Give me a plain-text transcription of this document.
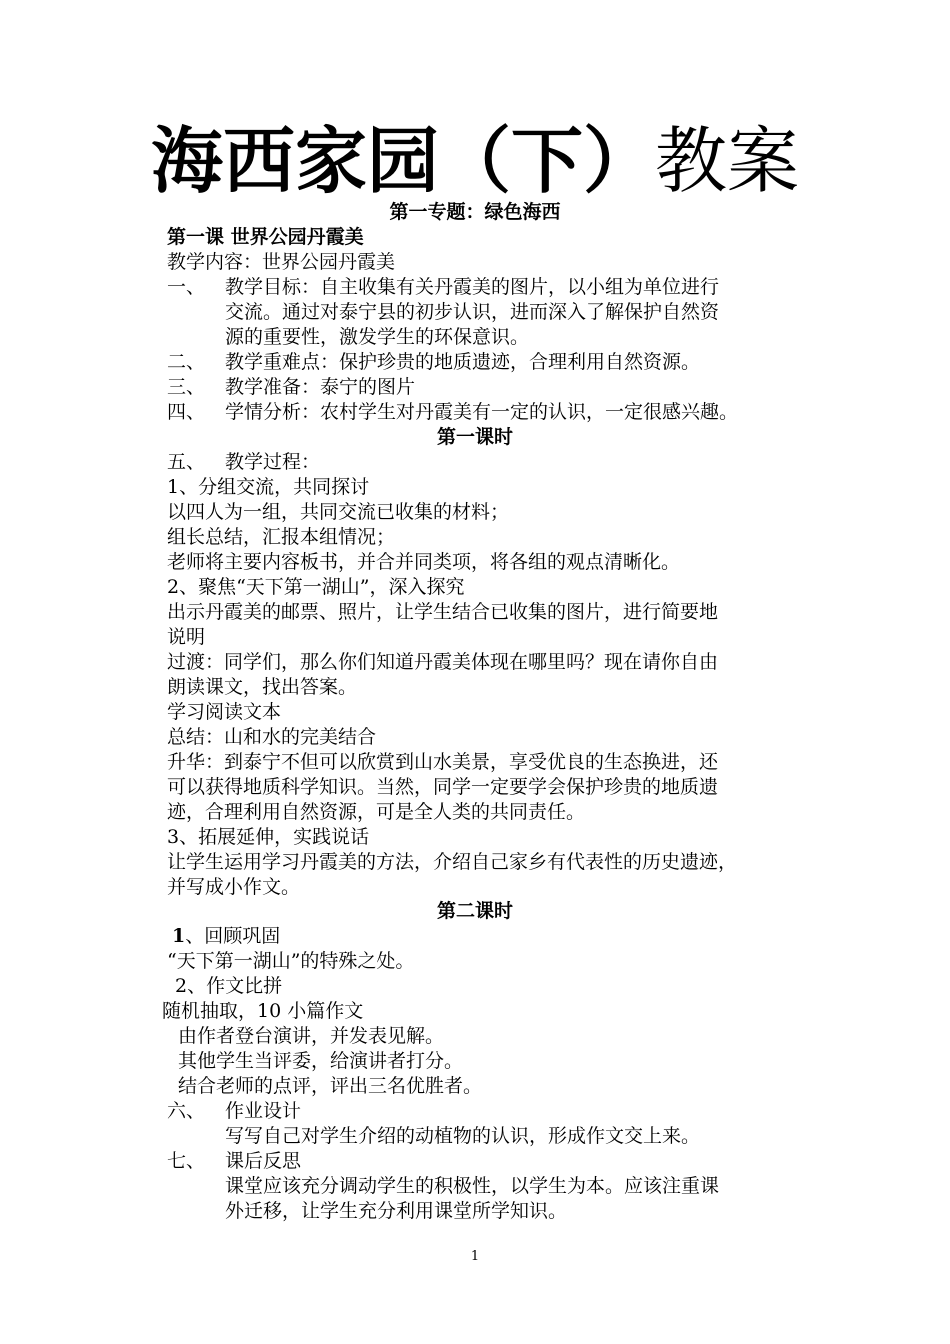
海西家园（下）教案
第一专题：绿色海西
第一课 世界公园丹霞美
教学内容：世界公园丹霞美
一、 教学目标：自主收集有关丹霞美的图片，以小组为单位进行
交流。通过对泰宁县的初步认识，进而深入了解保护自然资
源的重要性，激发学生的环保意识。
二、 教学重难点：保护珍贵的地质遗迹，合理利用自然资源。
三、 教学准备：泰宁的图片
四、 学情分析：农村学生对丹霞美有一定的认识，一定很感兴趣。
第一课时
五、 教学过程：
1、分组交流，共同探讨
以四人为一组，共同交流已收集的材料；
组长总结，汇报本组情况；
老师将主要内容板书，并合并同类项，将各组的观点清晰化。
2、聚焦“天下第一湖山”，深入探究
出示丹霞美的邮票、照片，让学生结合已收集的图片，进行简要地
说明
过渡：同学们，那么你们知道丹霞美体现在哪里吗？现在请你自由
朗读课文，找出答案。
学习阅读文本
总结：山和水的完美结合
升华：到泰宁不但可以欣赏到山水美景，享受优良的生态换进，还
可以获得地质科学知识。当然，同学一定要学会保护珍贵的地质遗
迹，合理利用自然资源，可是全人类的共同责任。
3、拓展延伸，实践说话
让学生运用学习丹霞美的方法，介绍自己家乡有代表性的历史遗迹，
并写成小作文。
第二课时
1、回顾巩固
“天下第一湖山”的特殊之处。
2、作文比拼
随机抽取，10 小篇作文
由作者登台演讲，并发表见解。
其他学生当评委，给演讲者打分。
结合老师的点评，评出三名优胜者。
六、 作业设计
写写自己对学生介绍的动植物的认识，形成作文交上来。
七、 课后反思
课堂应该充分调动学生的积极性，以学生为本。应该注重课
外迁移，让学生充分利用课堂所学知识。
1
